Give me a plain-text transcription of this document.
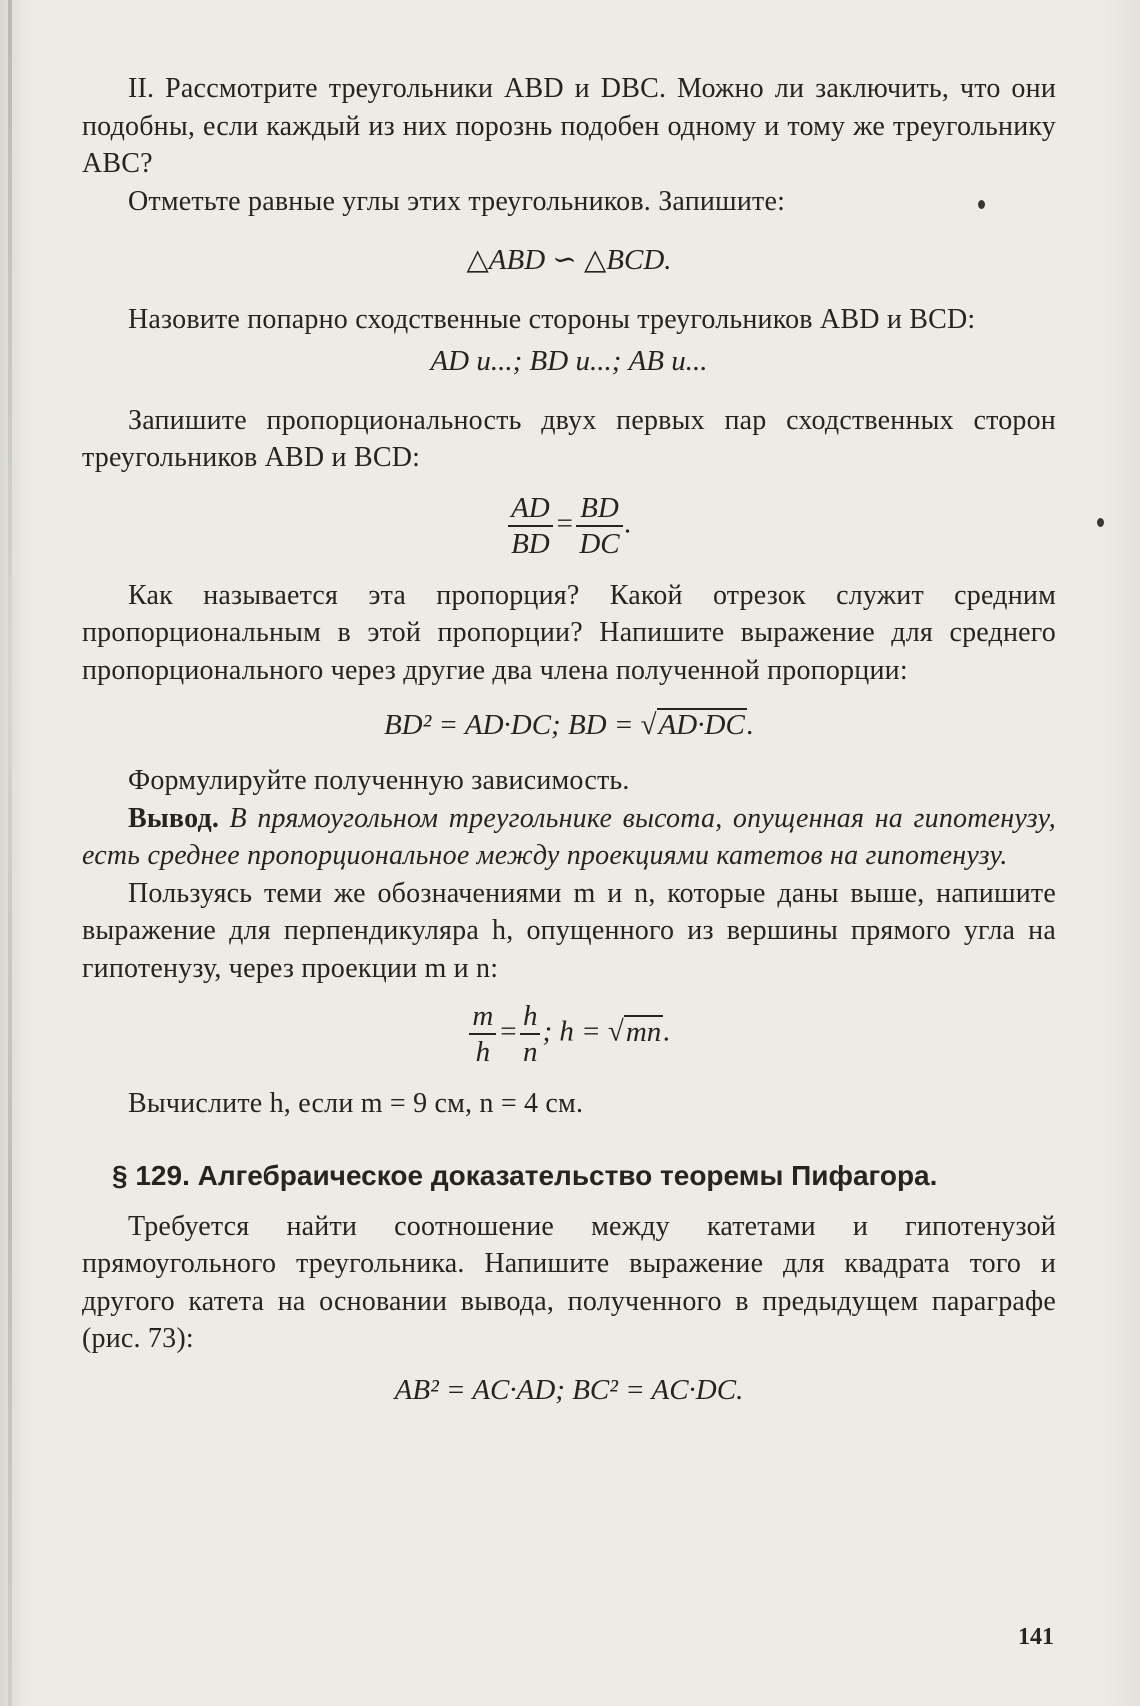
II. Рассмотрите треугольники ABD и DBC. Можно ли заключить, что они подобны, если каждый из них порознь подобен одному и тому же треугольнику ABC?

Отметьте равные углы этих треугольников. Запишите:

△ABD ∽ △BCD.

Назовите попарно сходственные стороны треугольников ABD и BCD:

AD и...; BD и...; AB и...

Запишите пропорциональность двух первых пар сходственных сторон треугольников ABD и BCD:

$\frac{AD}{BD} = \frac{BD}{DC}$ .

Как называется эта пропорция? Какой отрезок служит средним пропорциональным в этой пропорции? Напишите выражение для среднего пропорционального через другие два члена полученной пропорции:

BD² = AD·DC; BD = √AD·DC.

Формулируйте полученную зависимость.

Вывод. В прямоугольном треугольнике высота, опущенная на гипотенузу, есть среднее пропорциональное между проекциями катетов на гипотенузу.

Пользуясь теми же обозначениями m и n, которые даны выше, напишите выражение для перпендикуляра h, опущенного из вершины прямого угла на гипотенузу, через проекции m и n:

$\frac{m}{h} = \frac{h}{n}$ ; h = √mn.

Вычислите h, если m = 9 см, n = 4 см.

§ 129. Алгебраическое доказательство теоремы Пифагора.

Требуется найти соотношение между катетами и гипотенузой прямоугольного треугольника. Напишите выражение для квадрата того и другого катета на основании вывода, полученного в предыдущем параграфе (рис. 73):

AB² = AC·AD; BC² = AC·DC.
141
